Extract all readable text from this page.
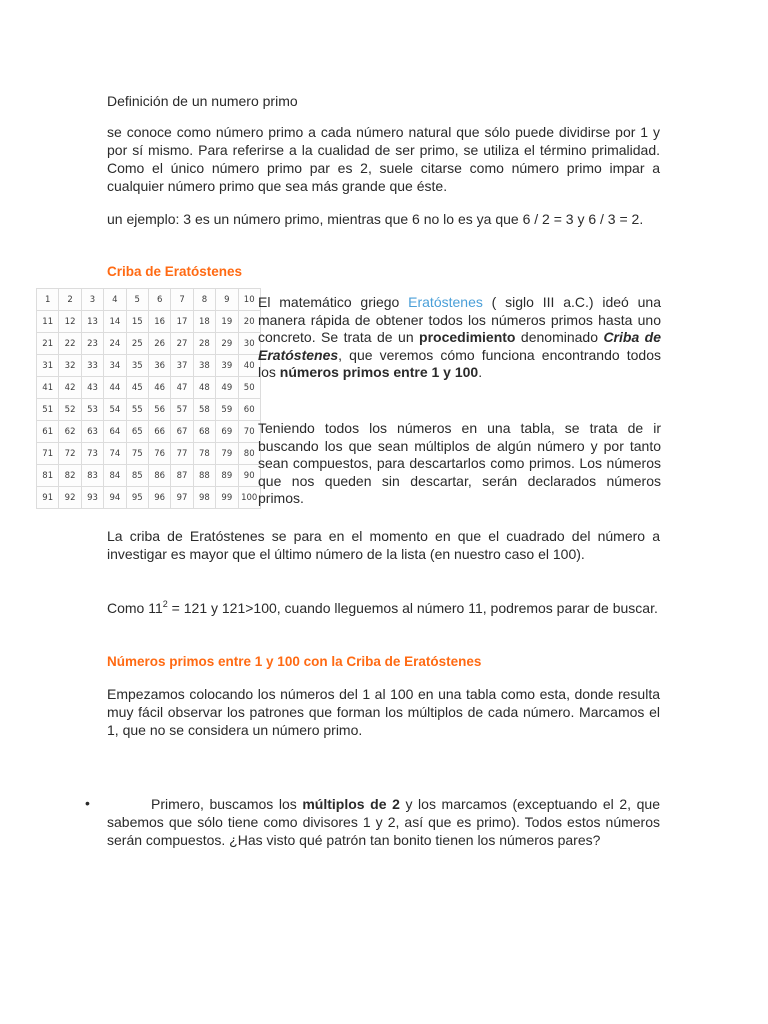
Definición de un numero primo

se conoce como número primo a cada número natural que sólo puede dividirse por 1 y por sí mismo. Para referirse a la cualidad de ser primo, se utiliza el término primalidad. Como el único número primo par es 2, suele citarse como número primo impar a cualquier número primo que sea más grande que éste.

un ejemplo: 3 es un número primo, mientras que 6 no lo es ya que 6 / 2 = 3 y 6 / 3 = 2.

Criba de Eratóstenes

1	2	3	4	5	6	7	8	9	10
11	12	13	14	15	16	17	18	19	20
21	22	23	24	25	26	27	28	29	30
31	32	33	34	35	36	37	38	39	40
41	42	43	44	45	46	47	48	49	50
51	52	53	54	55	56	57	58	59	60
61	62	63	64	65	66	67	68	69	70
71	72	73	74	75	76	77	78	79	80
81	82	83	84	85	86	87	88	89	90
91	92	93	94	95	96	97	98	99	100

El matemático griego Eratóstenes ( siglo III a.C.) ideó una manera rápida de obtener todos los números primos hasta uno concreto. Se trata de un procedimiento denominado Criba de Eratóstenes, que veremos cómo funciona encontrando todos los números primos entre 1 y 100.

Teniendo todos los números en una tabla, se trata de ir buscando los que sean múltiplos de algún número y por tanto sean compuestos, para descartarlos como primos. Los números que nos queden sin descartar, serán declarados números primos.

La criba de Eratóstenes se para en el momento en que el cuadrado del número a investigar es mayor que el último número de la lista (en nuestro caso el 100).

Como $11^2 = 121$ y 121>100, cuando lleguemos al número 11, podremos parar de buscar.

Números primos entre 1 y 100 con la Criba de Eratóstenes

Empezamos colocando los números del 1 al 100 en una tabla como esta, donde resulta muy fácil observar los patrones que forman los múltiplos de cada número. Marcamos el 1, que no se considera un número primo.

•	Primero, buscamos los múltiplos de 2 y los marcamos (exceptuando el 2, que sabemos que sólo tiene como divisores 1 y 2, así que es primo). Todos estos números serán compuestos. ¿Has visto qué patrón tan bonito tienen los números pares?
